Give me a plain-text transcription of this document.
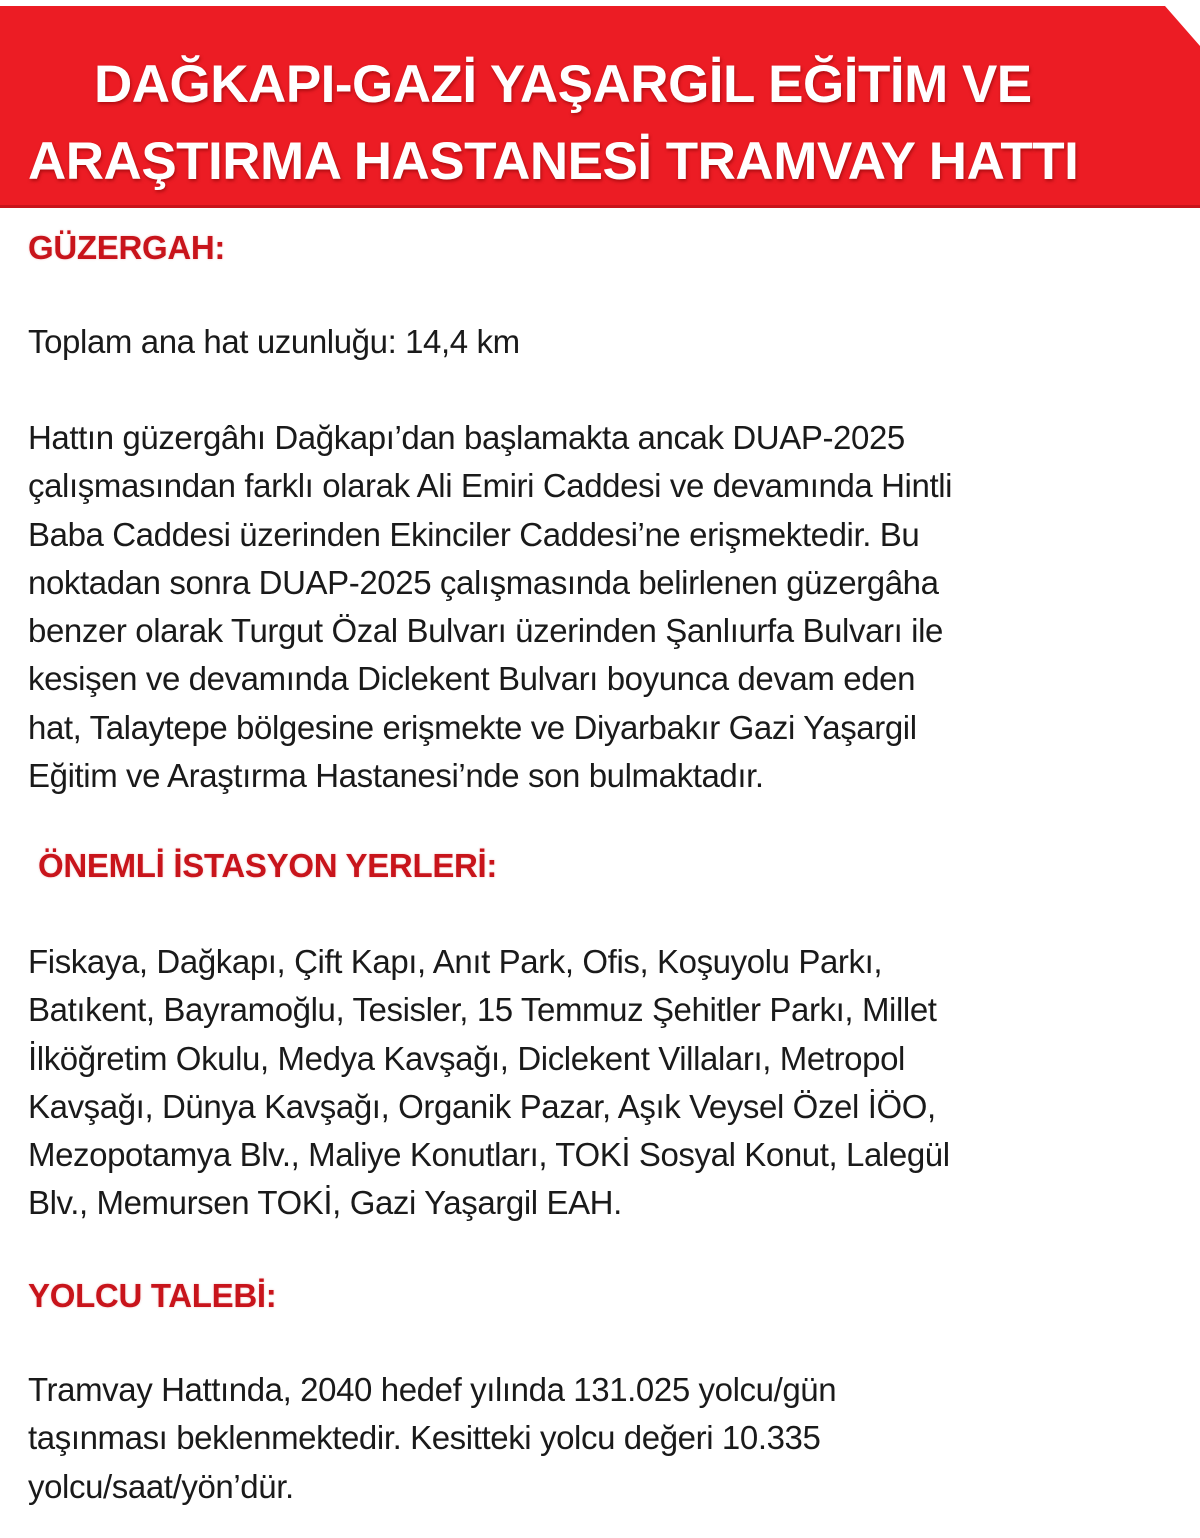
DAĞKAPI-GAZİ YAŞARGİL EĞİTİM VE
ARAŞTIRMA HASTANESİ TRAMVAY HATTI
GÜZERGAH:

Toplam ana hat uzunluğu: 14,4 km

Hattın güzergâhı Dağkapı’dan başlamakta ancak DUAP-2025
çalışmasından farklı olarak Ali Emiri Caddesi ve devamında Hintli
Baba Caddesi üzerinden Ekinciler Caddesi’ne erişmektedir. Bu
noktadan sonra DUAP-2025 çalışmasında belirlenen güzergâha
benzer olarak Turgut Özal Bulvarı üzerinden Şanlıurfa Bulvarı ile
kesişen ve devamında Diclekent Bulvarı boyunca devam eden
hat, Talaytepe bölgesine erişmekte ve Diyarbakır Gazi Yaşargil
Eğitim ve Araştırma Hastanesi’nde son bulmaktadır.

ÖNEMLİ İSTASYON YERLERİ:

Fiskaya, Dağkapı, Çift Kapı, Anıt Park, Ofis, Koşuyolu Parkı,
Batıkent, Bayramoğlu, Tesisler, 15 Temmuz Şehitler Parkı, Millet
İlköğretim Okulu, Medya Kavşağı, Diclekent Villaları, Metropol
Kavşağı, Dünya Kavşağı, Organik Pazar, Aşık Veysel Özel İÖO,
Mezopotamya Blv., Maliye Konutları, TOKİ Sosyal Konut, Lalegül
Blv., Memursen TOKİ, Gazi Yaşargil EAH.

YOLCU TALEBİ:

Tramvay Hattında, 2040 hedef yılında 131.025 yolcu/gün
taşınması beklenmektedir. Kesitteki yolcu değeri 10.335
yolcu/saat/yön’dür.
